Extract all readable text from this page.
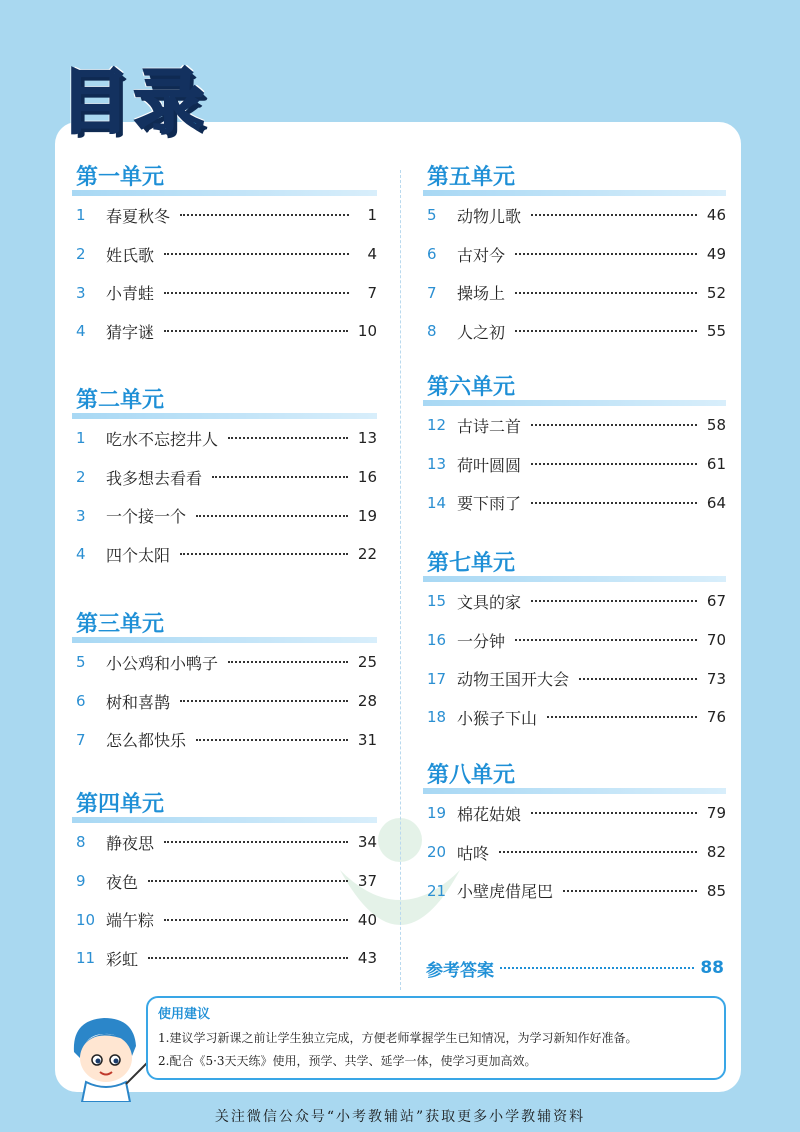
目录
第一单元
1	春夏秋冬	1
2	姓氏歌	4
3	小青蛙	7
4	猜字谜	10
第二单元
1	吃水不忘挖井人	13
2	我多想去看看	16
3	一个接一个	19
4	四个太阳	22
第三单元
5	小公鸡和小鸭子	25
6	树和喜鹊	28
7	怎么都快乐	31
第四单元
8	静夜思	34
9	夜色	37
10 端午粽	40
11 彩虹	43
第五单元
5	动物儿歌	46
6	古对今	49
7	操场上	52
8	人之初	55
第六单元
12 古诗二首	58
13 荷叶圆圆	61
14 要下雨了	64
第七单元
15 文具的家	67
16 一分钟	70
17 动物王国开大会	73
18 小猴子下山	76
第八单元
19 棉花姑娘	79
20 咕咚	82
21 小壁虎借尾巴	85
参考答案	88
使用建议
1.建议学习新课之前让学生独立完成，方便老师掌握学生已知情况，为学习新知作好准备。
2.配合《5·3天天练》使用，预学、共学、延学一体，使学习更加高效。
关注微信公众号“小考教辅站”获取更多小学教辅资料
